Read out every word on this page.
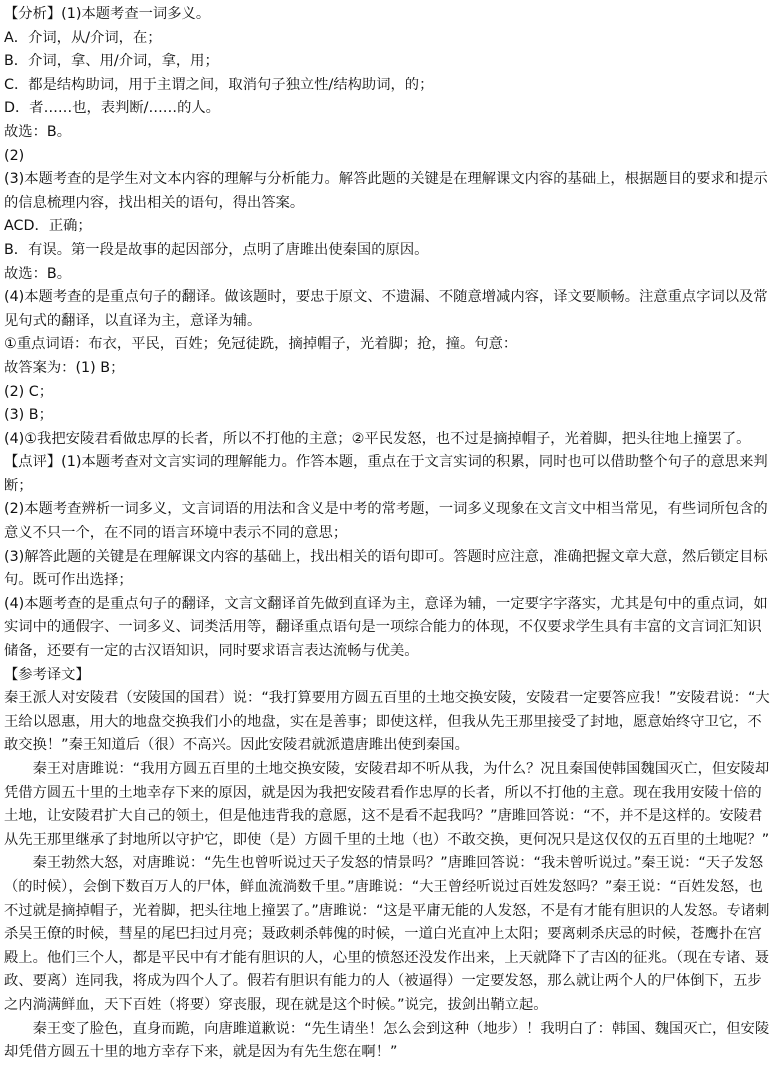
【分析】(1)本题考查一词多义。

A．介词，从/介词，在；

B．介词，拿、用/介词，拿，用；

C．都是结构助词，用于主谓之间，取消句子独立性/结构助词，的；

D．者……也，表判断/……的人。

故选：B。

(2)

(3)本题考查的是学生对文本内容的理解与分析能力。解答此题的关键是在理解课文内容的基础上，根据题目的要求和提示的信息梳理内容，找出相关的语句，得出答案。

ACD．正确；

B．有误。第一段是故事的起因部分，点明了唐雎出使秦国的原因。

故选：B。

(4)本题考查的是重点句子的翻译。做该题时，要忠于原文、不遗漏、不随意增减内容，译文要顺畅。注意重点字词以及常见句式的翻译，以直译为主，意译为辅。

①重点词语：布衣，平民，百姓；免冠徒跣，摘掉帽子，光着脚；抢，撞。句意：

故答案为：(1) B；

(2) C；

(3) B；

(4)①我把安陵君看做忠厚的长者，所以不打他的主意；②平民发怒，也不过是摘掉帽子，光着脚，把头往地上撞罢了。

【点评】(1)本题考查对文言实词的理解能力。作答本题，重点在于文言实词的积累，同时也可以借助整个句子的意思来判断；

(2)本题考查辨析一词多义，文言词语的用法和含义是中考的常考题，一词多义现象在文言文中相当常见，有些词所包含的意义不只一个，在不同的语言环境中表示不同的意思；

(3)解答此题的关键是在理解课文内容的基础上，找出相关的语句即可。答题时应注意，准确把握文章大意，然后锁定目标句。既可作出选择；

(4)本题考查的是重点句子的翻译，文言文翻译首先做到直译为主，意译为辅，一定要字字落实，尤其是句中的重点词，如实词中的通假字、一词多义、词类活用等，翻译重点语句是一项综合能力的体现，不仅要求学生具有丰富的文言词汇知识储备，还要有一定的古汉语知识，同时要求语言表达流畅与优美。

【参考译文】

秦王派人对安陵君（安陵国的国君）说：“我打算要用方圆五百里的土地交换安陵，安陵君一定要答应我！”安陵君说：“大王给以恩惠，用大的地盘交换我们小的地盘，实在是善事；即使这样，但我从先王那里接受了封地，愿意始终守卫它，不敢交换！”秦王知道后（很）不高兴。因此安陵君就派遣唐雎出使到秦国。

秦王对唐雎说：“我用方圆五百里的土地交换安陵，安陵君却不听从我，为什么？况且秦国使韩国魏国灭亡，但安陵却凭借方圆五十里的土地幸存下来的原因，就是因为我把安陵君看作忠厚的长者，所以不打他的主意。现在我用安陵十倍的土地，让安陵君扩大自己的领土，但是他违背我的意愿，这不是看不起我吗？”唐雎回答说：“不，并不是这样的。安陵君从先王那里继承了封地所以守护它，即使（是）方圆千里的土地（也）不敢交换，更何况只是这仅仅的五百里的土地呢？”

秦王勃然大怒，对唐雎说：“先生也曾听说过天子发怒的情景吗？”唐雎回答说：“我未曾听说过。”秦王说：“天子发怒（的时候），会倒下数百万人的尸体，鲜血流淌数千里。”唐雎说：“大王曾经听说过百姓发怒吗？”秦王说：“百姓发怒，也不过就是摘掉帽子，光着脚，把头往地上撞罢了。”唐雎说：“这是平庸无能的人发怒，不是有才能有胆识的人发怒。专诸刺杀吴王僚的时候，彗星的尾巴扫过月亮；聂政刺杀韩傀的时候，一道白光直冲上太阳；要离刺杀庆忌的时候，苍鹰扑在宫殿上。他们三个人，都是平民中有才能有胆识的人，心里的愤怒还没发作出来，上天就降下了吉凶的征兆。（现在专诸、聂政、要离）连同我，将成为四个人了。假若有胆识有能力的人（被逼得）一定要发怒，那么就让两个人的尸体倒下，五步之内淌满鲜血，天下百姓（将要）穿丧服，现在就是这个时候。”说完，拔剑出鞘立起。

秦王变了脸色，直身而跪，向唐雎道歉说：“先生请坐！怎么会到这种（地步）！我明白了：韩国、魏国灭亡，但安陵却凭借方圆五十里的地方幸存下来，就是因为有先生您在啊！”
